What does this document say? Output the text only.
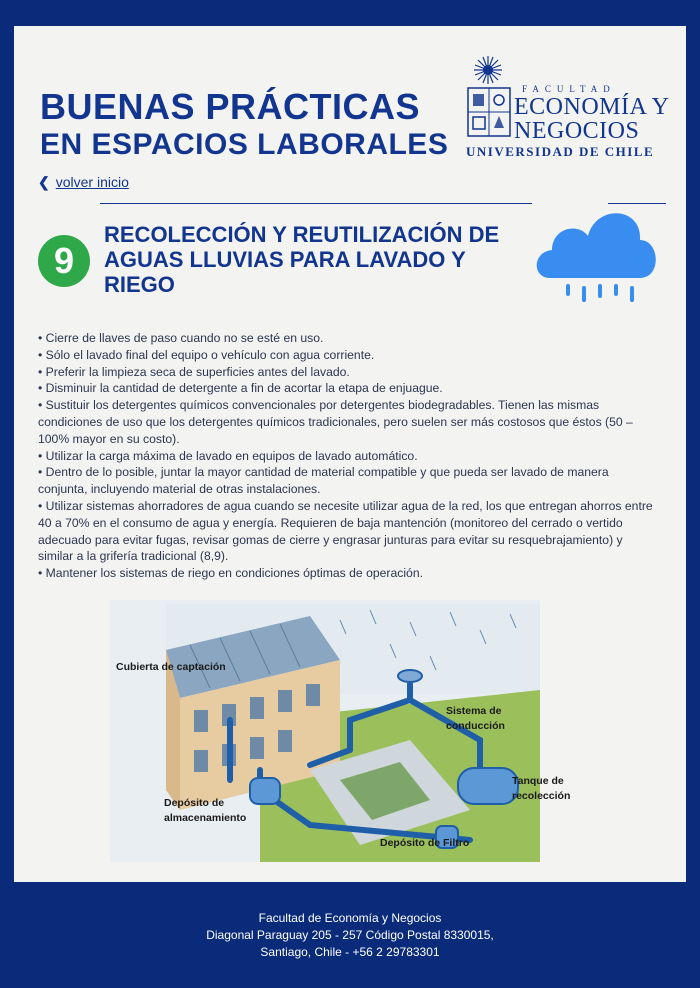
BUENAS PRÁCTICAS
EN ESPACIOS LABORALES
FACULTAD
ECONOMÍA Y
NEGOCIOS
UNIVERSIDAD DE CHILE
❮ volver inicio
9
RECOLECCIÓN Y REUTILIZACIÓN DE AGUAS LLUVIAS PARA LAVADO Y RIEGO

• Cierre de llaves de paso cuando no se esté en uso.

• Sólo el lavado final del equipo o vehículo con agua corriente.

• Preferir la limpieza seca de superficies antes del lavado.

• Disminuir la cantidad de detergente a fin de acortar la etapa de enjuague.

• Sustituir los detergentes químicos convencionales por detergentes biodegradables. Tienen las mismas condiciones de uso que los detergentes químicos tradicionales, pero suelen ser más costosos que éstos (50 – 100% mayor en su costo).

• Utilizar la carga máxima de lavado en equipos de lavado automático.

• Dentro de lo posible, juntar la mayor cantidad de material compatible y que pueda ser lavado de manera conjunta, incluyendo material de otras instalaciones.

• Utilizar sistemas ahorradores de agua cuando se necesite utilizar agua de la red, los que entregan ahorros entre 40 a 70% en el consumo de agua y energía. Requieren de baja mantención (monitoreo del cerrado o vertido adecuado para evitar fugas, revisar gomas de cierre y engrasar junturas para evitar su resquebrajamiento) y similar a la grifería tradicional (8,9).

• Mantener los sistemas de riego en condiciones óptimas de operación.

Cubierta de captación
Sistema de conducción
Tanque de recolección
Depósito de almacenamiento
Depósito de Filtro
Facultad de Economía y Negocios
Diagonal Paraguay 205 - 257 Código Postal 8330015,
Santiago, Chile - +56 2 29783301
